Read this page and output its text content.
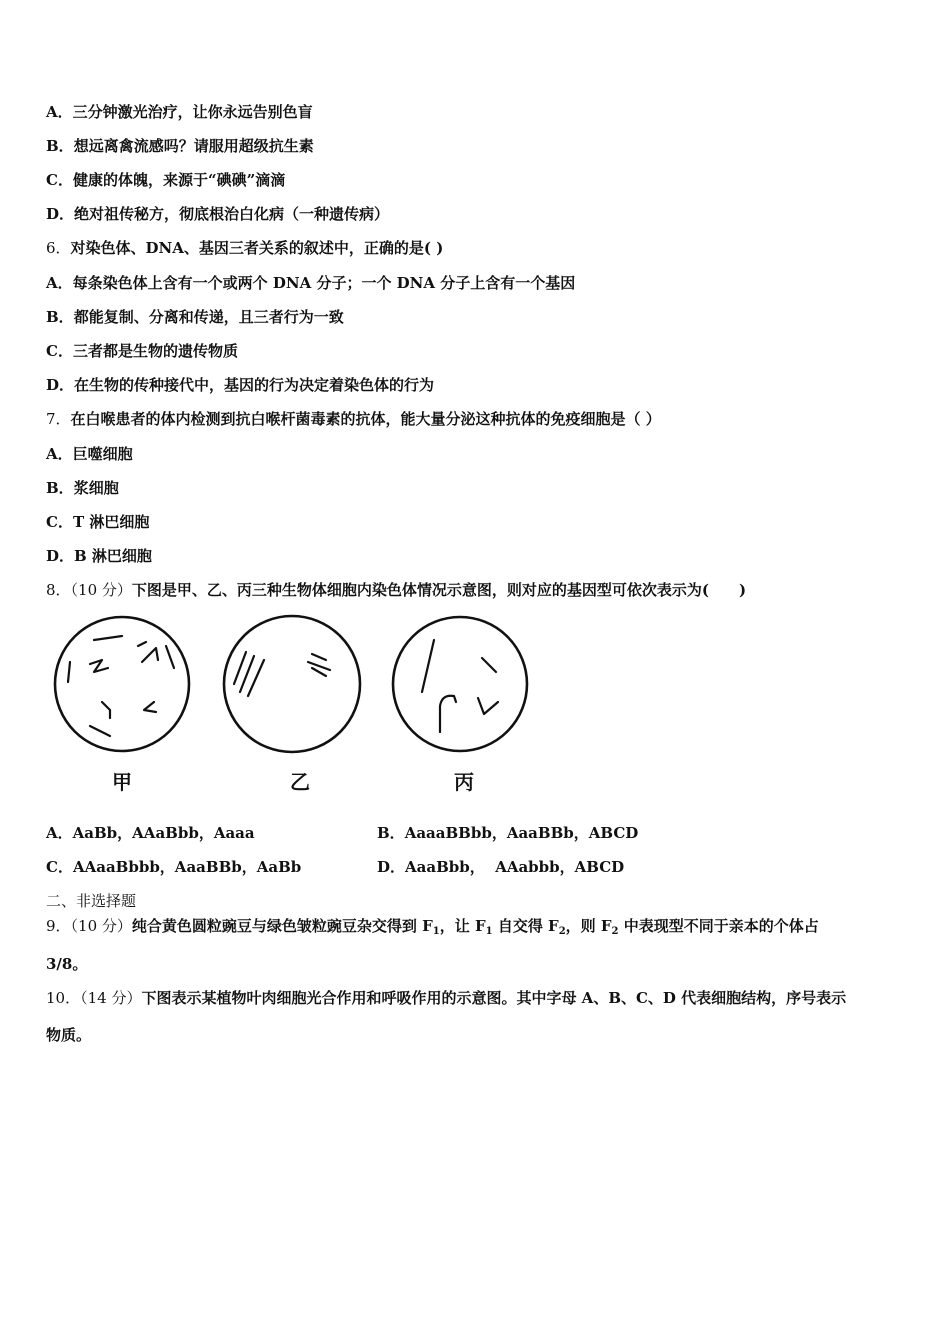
A．三分钟激光治疗，让你永远告别色盲
B．想远离禽流感吗？请服用超级抗生素
C．健康的体魄，来源于“碘碘”滴滴
D．绝对祖传秘方，彻底根治白化病（一种遗传病）
6．对染色体、DNA、基因三者关系的叙述中，正确的是( )
A．每条染色体上含有一个或两个 DNA 分子；一个 DNA 分子上含有一个基因
B．都能复制、分离和传递，且三者行为一致
C．三者都是生物的遗传物质
D．在生物的传种接代中，基因的行为决定着染色体的行为
7．在白喉患者的体内检测到抗白喉杆菌毒素的抗体，能大量分泌这种抗体的免疫细胞是（ ）
A．巨噬细胞
B．浆细胞
C．T 淋巴细胞
D．B 淋巴细胞
8．（10 分）下图是甲、乙、丙三种生物体细胞内染色体情况示意图，则对应的基因型可依次表示为(　　)
甲	乙	丙
A．AaBb，AAaBbb，Aaaa	B．AaaaBBbb，AaaBBb，ABCD
C．AAaaBbbb，AaaBBb，AaBb	D．AaaBbb，  AAabbb，ABCD
二、非选择题
9．（10 分）纯合黄色圆粒豌豆与绿色皱粒豌豆杂交得到 $F_1$，让 $F_1$ 自交得 $F_2$，则 $F_2$ 中表现型不同于亲本的个体占
3/8。
10．（14 分）下图表示某植物叶肉细胞光合作用和呼吸作用的示意图。其中字母 A、B、C、D 代表细胞结构，序号表示
物质。
